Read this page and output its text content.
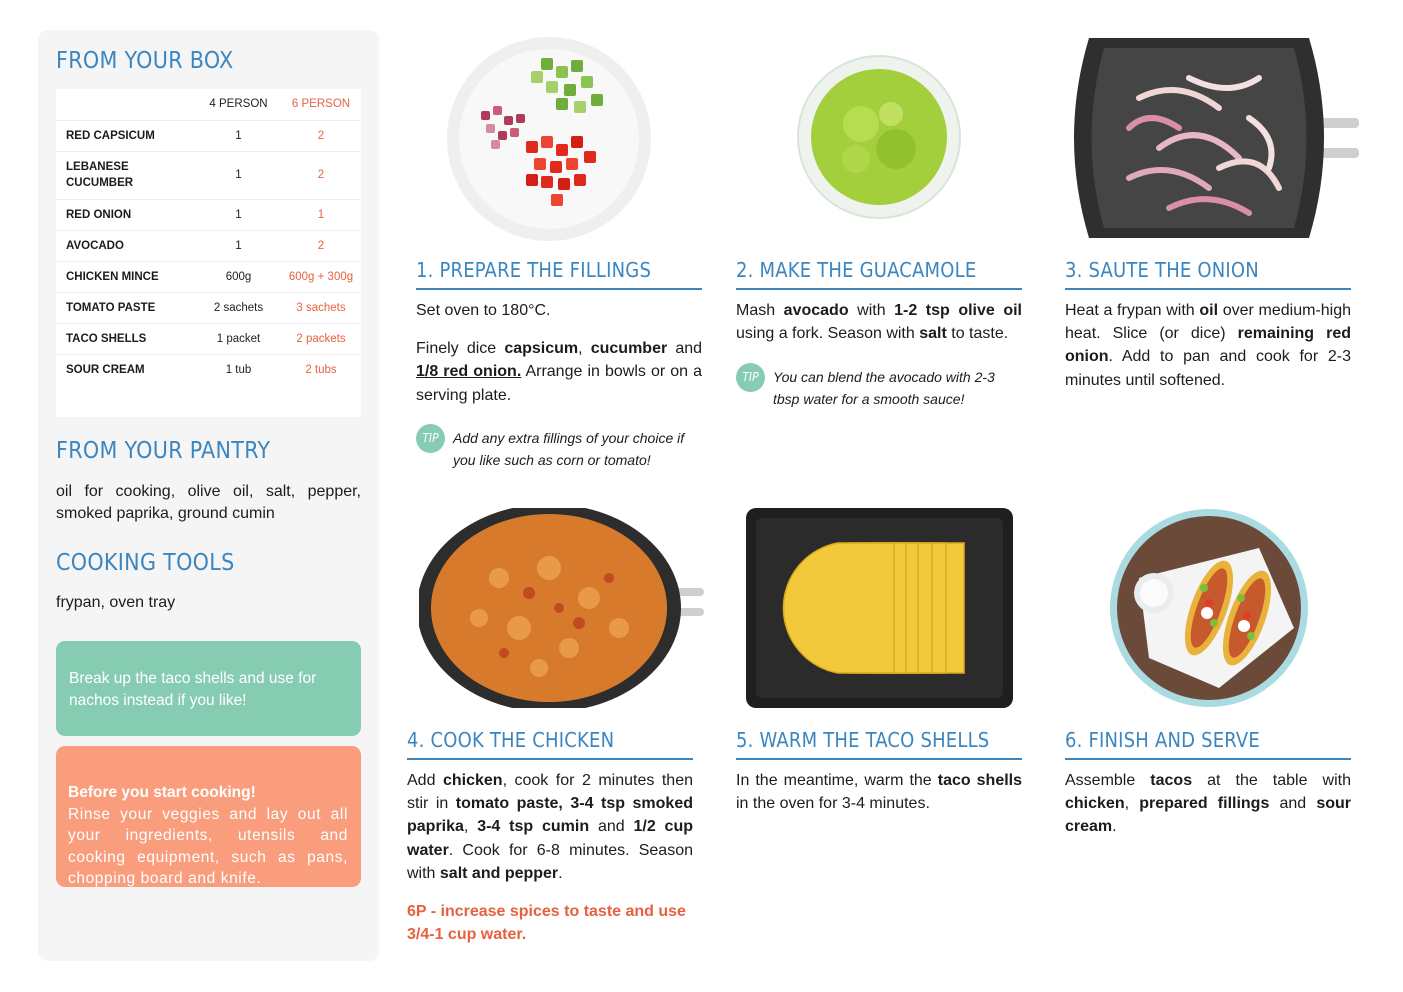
FROM YOUR BOX
	4 PERSON	6 PERSON
RED CAPSICUM	1	2
LEBANESE CUCUMBER	1	2
RED ONION	1	1
AVOCADO	1	2
CHICKEN MINCE	600g	600g + 300g
TOMATO PASTE	2 sachets	3 sachets
TACO SHELLS	1 packet	2 packets
SOUR CREAM	1 tub	2 tubs
FROM YOUR PANTRY
oil for cooking, olive oil, salt, pepper, smoked paprika, ground cumin
COOKING TOOLS
frypan, oven tray
Break up the taco shells and use for nachos instead if you like!
Before you start cooking!
Rinse your veggies and lay out all your ingredients, utensils and cooking equipment, such as pans, chopping board and knife.
1. PREPARE THE FILLINGS

Set oven to 180°C.

Finely dice capsicum, cucumber and 1/8 red onion. Arrange in bowls or on a serving plate.

TIP	Add any extra fillings of your choice if you like such as corn or tomato!
2. MAKE THE GUACAMOLE

Mash avocado with 1-2 tsp olive oil using a fork. Season with salt to taste.

TIP	You can blend the avocado with 2-3 tbsp water for a smooth sauce!
3. SAUTE THE ONION

Heat a frypan with oil over medium-high heat. Slice (or dice) remaining red onion. Add to pan and cook for 2-3 minutes until softened.

4. COOK THE CHICKEN

Add chicken, cook for 2 minutes then stir in tomato paste, 3-4 tsp smoked paprika, 3-4 tsp cumin and 1/2 cup water. Cook for 6-8 minutes. Season with salt and pepper.

6P - increase spices to taste and use 3/4-1 cup water.
5. WARM THE TACO SHELLS

In the meantime, warm the taco shells in the oven for 3-4 minutes.

6. FINISH AND SERVE

Assemble tacos at the table with chicken, prepared fillings and sour cream.
